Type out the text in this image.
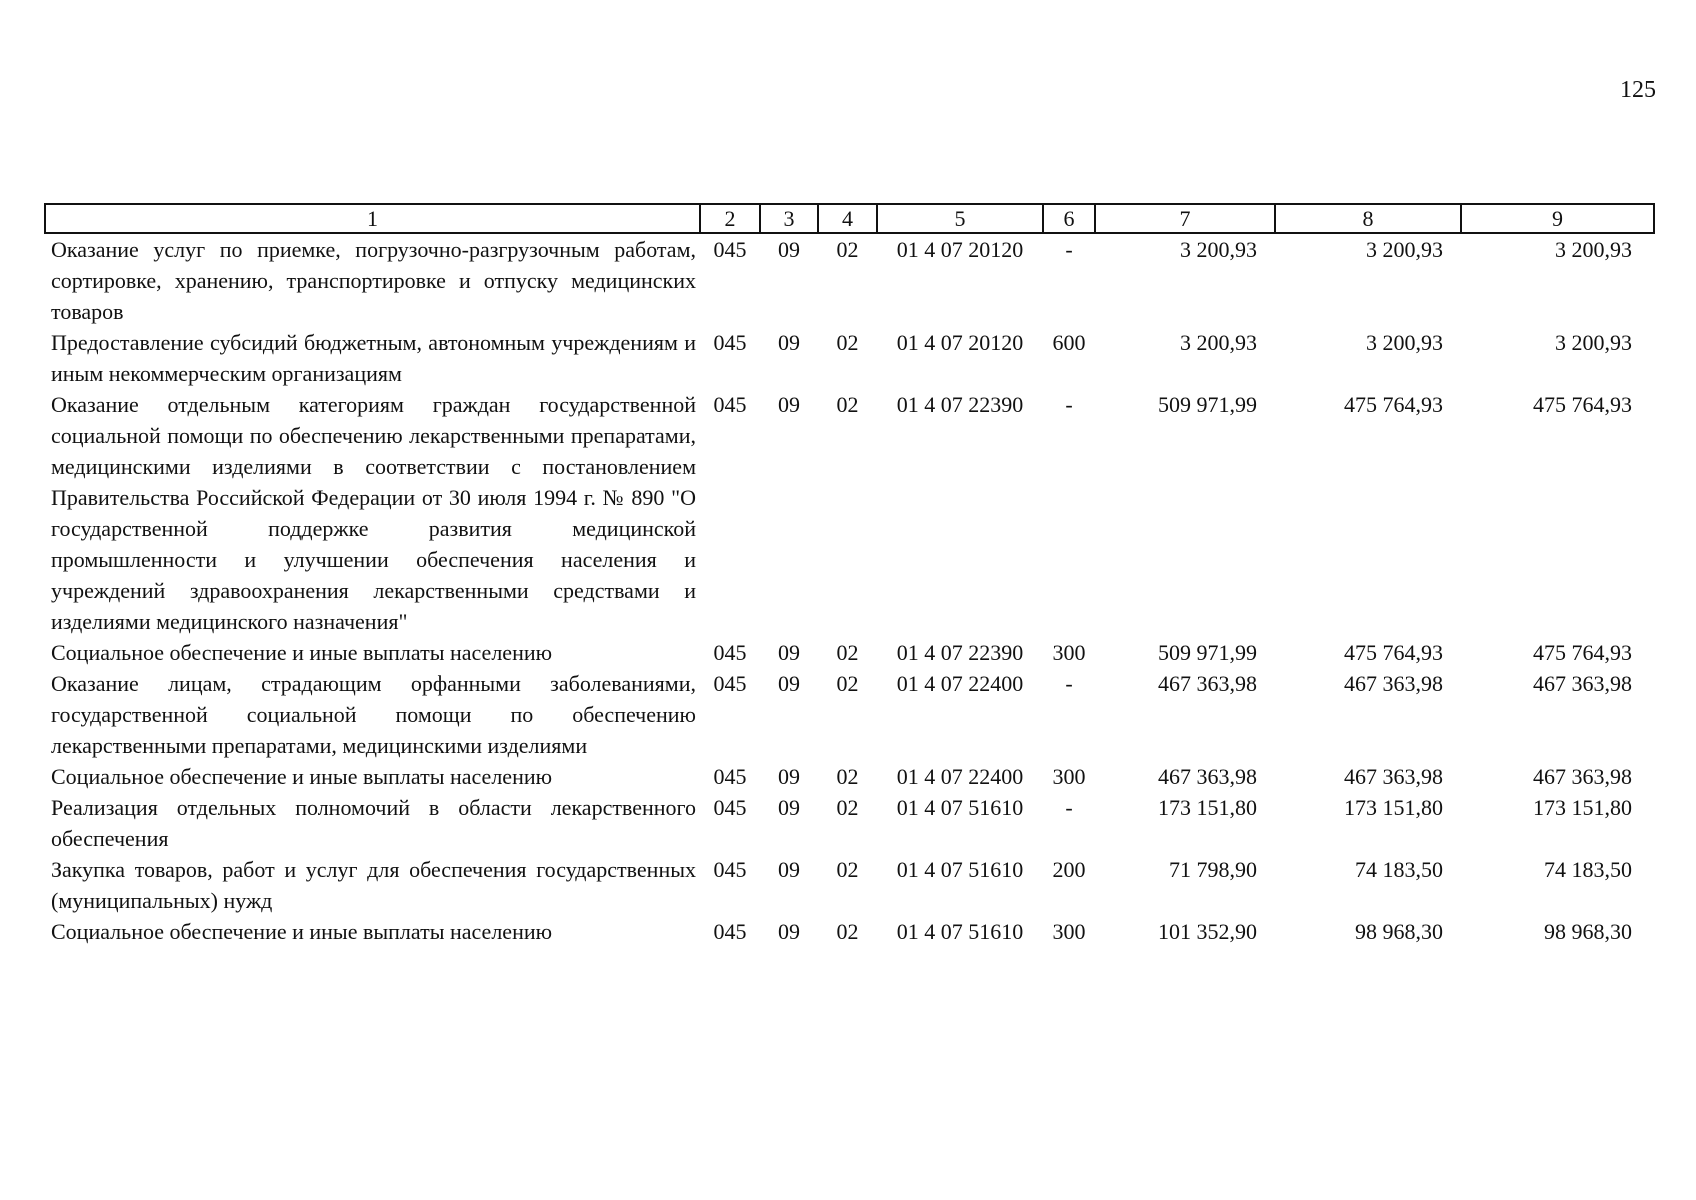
125
1	2	3	4	5	6	7	8	9
Оказание услуг по приемке, погрузочно-разгрузочным работам, сортировке, хранению, транспортировке и отпуску медицинских товаров	045	09	02	01 4 07 20120	-	3 200,93	3 200,93	3 200,93
Предоставление субсидий бюджетным, автономным учреждениям и иным некоммерческим организациям	045	09	02	01 4 07 20120	600	3 200,93	3 200,93	3 200,93
Оказание отдельным категориям граждан государственной социальной помощи по обеспечению лекарственными препаратами, медицинскими изделиями в соответствии с постановлением Правительства Российской Федерации от 30 июля 1994 г. № 890 "О государственной поддержке развития медицинской промышленности и улучшении обеспечения населения и учреждений здравоохранения лекарственными средствами и изделиями медицинского назначения"	045	09	02	01 4 07 22390	-	509 971,99	475 764,93	475 764,93
Социальное обеспечение и иные выплаты населению	045	09	02	01 4 07 22390	300	509 971,99	475 764,93	475 764,93
Оказание лицам, страдающим орфанными заболеваниями, государственной социальной помощи по обеспечению лекарственными препаратами, медицинскими изделиями	045	09	02	01 4 07 22400	-	467 363,98	467 363,98	467 363,98
Социальное обеспечение и иные выплаты населению	045	09	02	01 4 07 22400	300	467 363,98	467 363,98	467 363,98
Реализация отдельных полномочий в области лекарственного обеспечения	045	09	02	01 4 07 51610	-	173 151,80	173 151,80	173 151,80
Закупка товаров, работ и услуг для обеспечения государственных (муниципальных) нужд	045	09	02	01 4 07 51610	200	71 798,90	74 183,50	74 183,50
Социальное обеспечение и иные выплаты населению	045	09	02	01 4 07 51610	300	101 352,90	98 968,30	98 968,30
